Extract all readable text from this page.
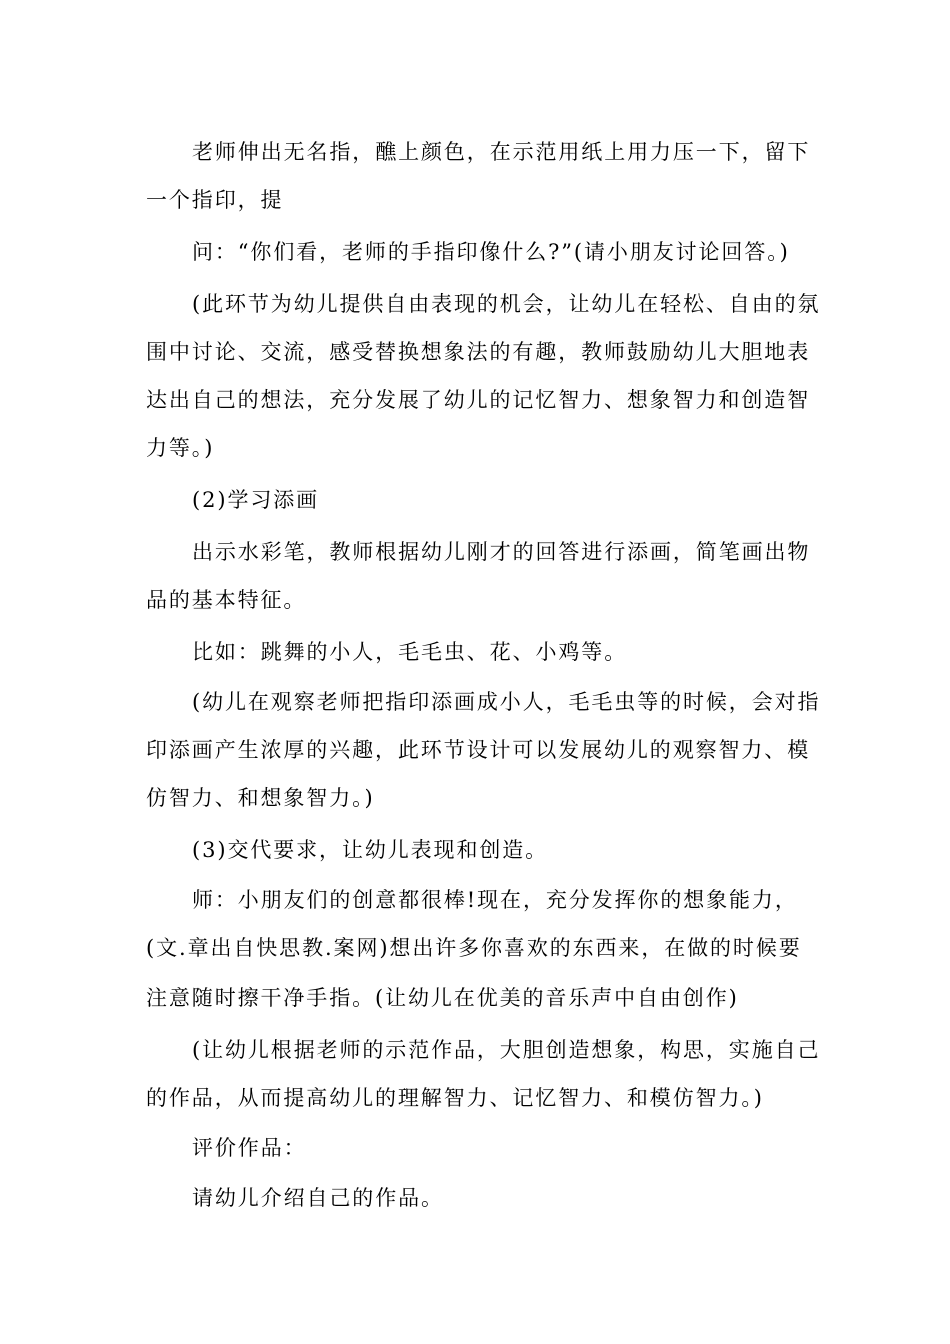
老师伸出无名指，醮上颜色，在示范用纸上用力压一下，留下
一个指印，提
问：“你们看，老师的手指印像什么?”(请小朋友讨论回答。)
(此环节为幼儿提供自由表现的机会，让幼儿在轻松、自由的氛
围中讨论、交流，感受替换想象法的有趣，教师鼓励幼儿大胆地表
达出自己的想法，充分发展了幼儿的记忆智力、想象智力和创造智
力等。)
(2)学习添画
出示水彩笔，教师根据幼儿刚才的回答进行添画，简笔画出物
品的基本特征。
比如：跳舞的小人，毛毛虫、花、小鸡等。
(幼儿在观察老师把指印添画成小人，毛毛虫等的时候，会对指
印添画产生浓厚的兴趣，此环节设计可以发展幼儿的观察智力、模
仿智力、和想象智力。)
(3)交代要求，让幼儿表现和创造。
师：小朋友们的创意都很棒!现在，充分发挥你的想象能力，
(文.章出自快思教.案网)想出许多你喜欢的东西来，在做的时候要
注意随时擦干净手指。(让幼儿在优美的音乐声中自由创作)
(让幼儿根据老师的示范作品，大胆创造想象，构思，实施自己
的作品，从而提高幼儿的理解智力、记忆智力、和模仿智力。)
评价作品：
请幼儿介绍自己的作品。
